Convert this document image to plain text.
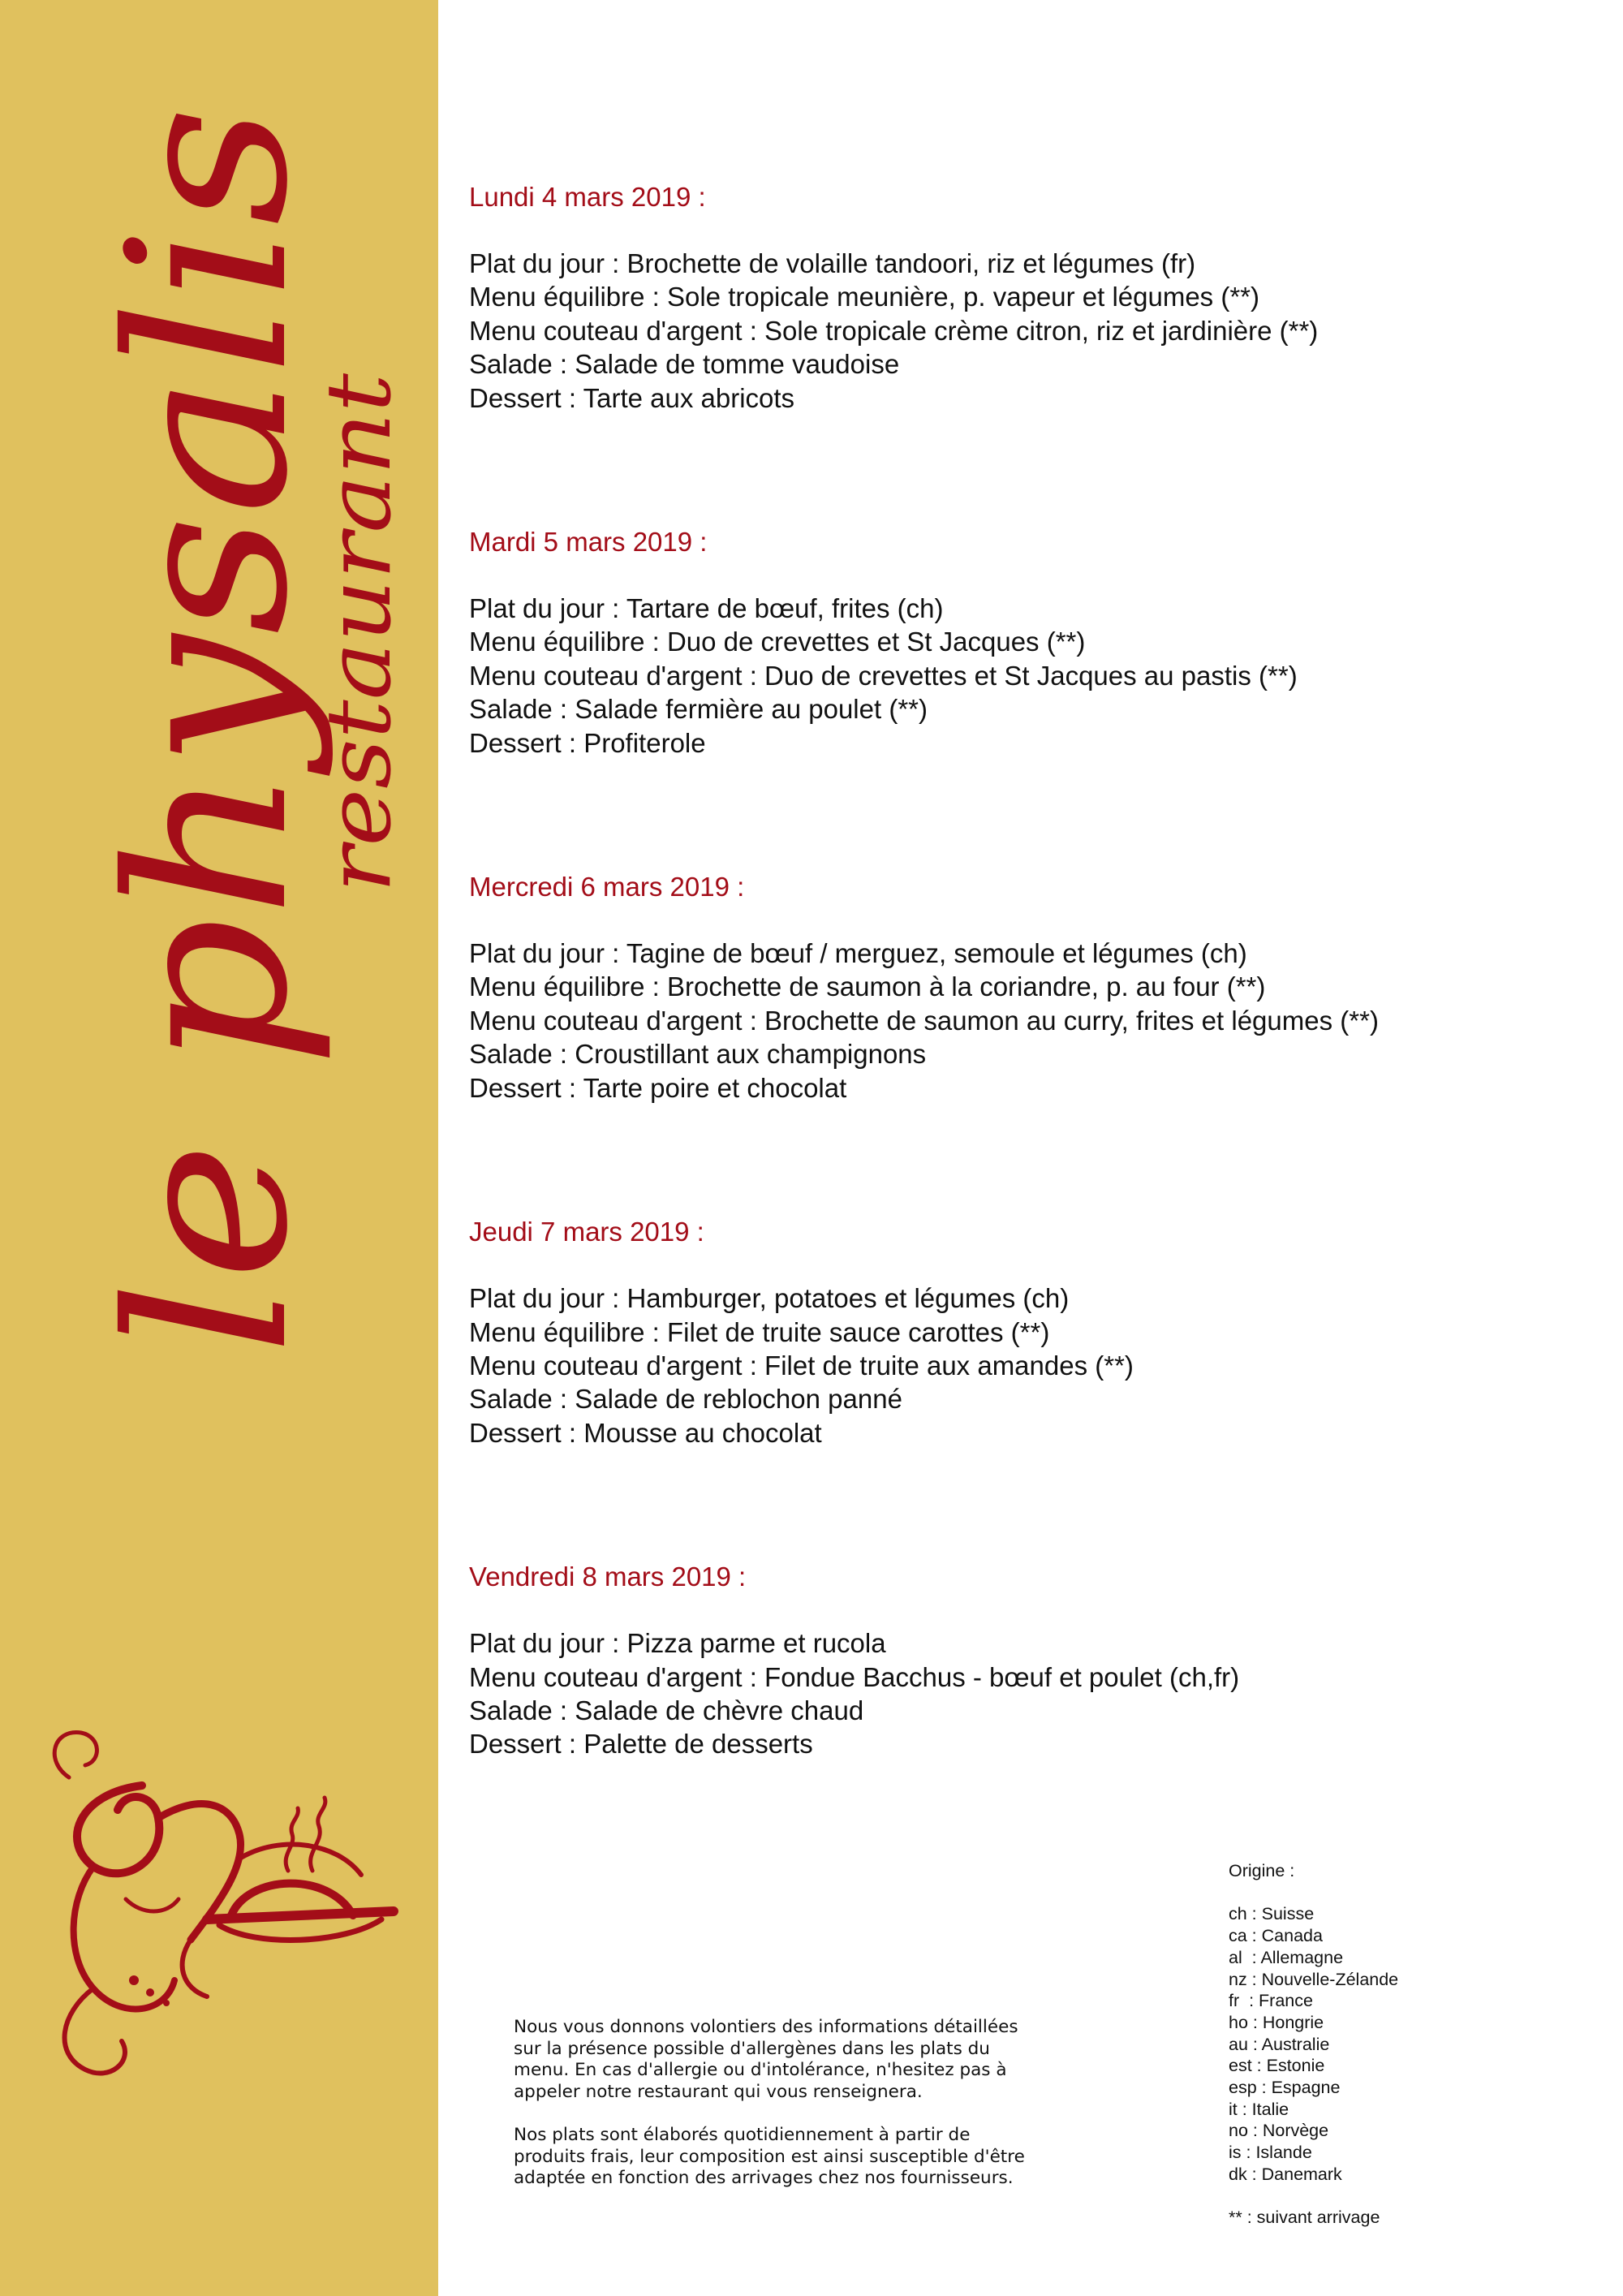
le physalis
restaurant
Lundi 4 mars 2019 :
Plat du jour : Brochette de volaille tandoori, riz et légumes (fr)
Menu équilibre : Sole tropicale meunière, p. vapeur et légumes (**)
Menu couteau d'argent : Sole tropicale crème citron, riz et jardinière (**)
Salade : Salade de tomme vaudoise
Dessert : Tarte aux abricots
Mardi 5 mars 2019 :
Plat du jour : Tartare de bœuf, frites (ch)
Menu équilibre : Duo de crevettes et St Jacques (**)
Menu couteau d'argent : Duo de crevettes et St Jacques au pastis (**)
Salade : Salade fermière au poulet (**)
Dessert : Profiterole
Mercredi 6 mars 2019 :
Plat du jour : Tagine de bœuf / merguez, semoule et légumes (ch)
Menu équilibre : Brochette de saumon à la coriandre, p. au four (**)
Menu couteau d'argent : Brochette de saumon au curry, frites et légumes (**)
Salade : Croustillant aux champignons
Dessert : Tarte poire et chocolat
Jeudi 7 mars 2019 :
Plat du jour : Hamburger, potatoes et légumes (ch)
Menu équilibre : Filet de truite sauce carottes (**)
Menu couteau d'argent : Filet de truite aux amandes (**)
Salade : Salade de reblochon panné
Dessert : Mousse au chocolat
Vendredi 8 mars 2019 :
Plat du jour : Pizza parme et rucola
Menu couteau d'argent : Fondue Bacchus - bœuf et poulet (ch,fr)
Salade : Salade de chèvre chaud
Dessert : Palette de desserts

Nous vous donnons volontiers des informations détaillées
sur la présence possible d'allergènes dans les plats du
menu. En cas d'allergie ou d'intolérance, n'hesitez pas à
appeler notre restaurant qui vous renseignera.

Nos plats sont élaborés quotidiennement à partir de
produits frais, leur composition est ainsi susceptible d'être
adaptée en fonction des arrivages chez nos fournisseurs.

Origine :
ch : Suisse
ca : Canada
al  : Allemagne
nz : Nouvelle-Zélande
fr  : France
ho : Hongrie
au : Australie
est : Estonie
esp : Espagne
it : Italie
no : Norvège
is : Islande
dk : Danemark
** : suivant arrivage
